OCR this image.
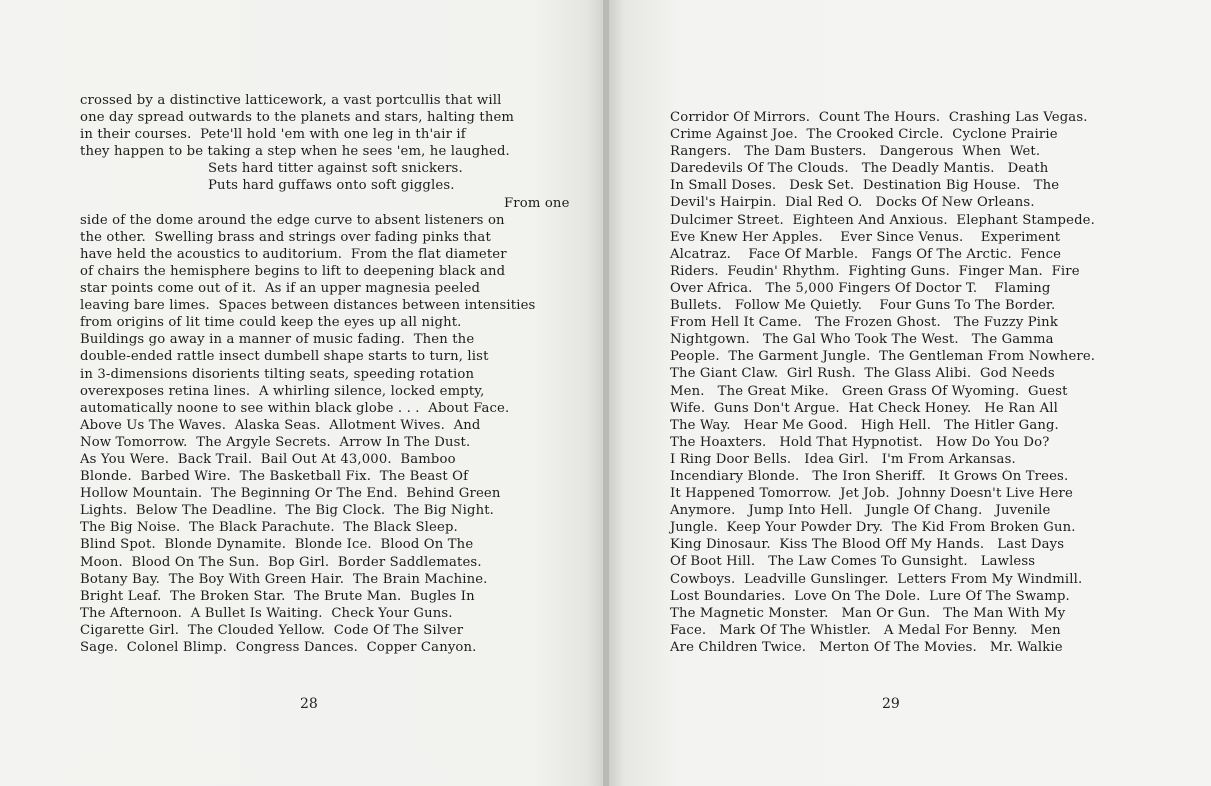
crossed by a distinctive latticework, a vast portcullis that will
one day spread outwards to the planets and stars, halting them
in their courses.  Pete'll hold 'em with one leg in th'air if
they happen to be taking a step when he sees 'em, he laughed.
Sets hard titter against soft snickers.
Puts hard guffaws onto soft giggles.
From one
side of the dome around the edge curve to absent listeners on
the other.  Swelling brass and strings over fading pinks that
have held the acoustics to auditorium.  From the flat diameter
of chairs the hemisphere begins to lift to deepening black and
star points come out of it.  As if an upper magnesia peeled
leaving bare limes.  Spaces between distances between intensities
from origins of lit time could keep the eyes up all night.
Buildings go away in a manner of music fading.  Then the
double-ended rattle insect dumbell shape starts to turn, list
in 3-dimensions disorients tilting seats, speeding rotation
overexposes retina lines.  A whirling silence, locked empty,
automatically noone to see within black globe . . .  About Face.
Above Us The Waves.  Alaska Seas.  Allotment Wives.  And
Now Tomorrow.  The Argyle Secrets.  Arrow In The Dust.
As You Were.  Back Trail.  Bail Out At 43,000.  Bamboo
Blonde.  Barbed Wire.  The Basketball Fix.  The Beast Of
Hollow Mountain.  The Beginning Or The End.  Behind Green
Lights.  Below The Deadline.  The Big Clock.  The Big Night.
The Big Noise.  The Black Parachute.  The Black Sleep.
Blind Spot.  Blonde Dynamite.  Blonde Ice.  Blood On The
Moon.  Blood On The Sun.  Bop Girl.  Border Saddlemates.
Botany Bay.  The Boy With Green Hair.  The Brain Machine.
Bright Leaf.  The Broken Star.  The Brute Man.  Bugles In
The Afternoon.  A Bullet Is Waiting.  Check Your Guns.
Cigarette Girl.  The Clouded Yellow.  Code Of The Silver
Sage.  Colonel Blimp.  Congress Dances.  Copper Canyon.
28
Corridor Of Mirrors.  Count The Hours.  Crashing Las Vegas.
Crime Against Joe.  The Crooked Circle.  Cyclone Prairie
Rangers.   The Dam Busters.   Dangerous  When  Wet.
Daredevils Of The Clouds.   The Deadly Mantis.   Death
In Small Doses.   Desk Set.  Destination Big House.   The
Devil's Hairpin.  Dial Red O.   Docks Of New Orleans.
Dulcimer Street.  Eighteen And Anxious.  Elephant Stampede.
Eve Knew Her Apples.    Ever Since Venus.    Experiment
Alcatraz.    Face Of Marble.   Fangs Of The Arctic.  Fence
Riders.  Feudin' Rhythm.  Fighting Guns.  Finger Man.  Fire
Over Africa.   The 5,000 Fingers Of Doctor T.    Flaming
Bullets.   Follow Me Quietly.    Four Guns To The Border.
From Hell It Came.   The Frozen Ghost.   The Fuzzy Pink
Nightgown.   The Gal Who Took The West.   The Gamma
People.  The Garment Jungle.  The Gentleman From Nowhere.
The Giant Claw.  Girl Rush.  The Glass Alibi.  God Needs
Men.   The Great Mike.   Green Grass Of Wyoming.  Guest
Wife.  Guns Don't Argue.  Hat Check Honey.   He Ran All
The Way.   Hear Me Good.   High Hell.   The Hitler Gang.
The Hoaxters.   Hold That Hypnotist.   How Do You Do?
I Ring Door Bells.   Idea Girl.   I'm From Arkansas.
Incendiary Blonde.   The Iron Sheriff.   It Grows On Trees.
It Happened Tomorrow.  Jet Job.  Johnny Doesn't Live Here
Anymore.   Jump Into Hell.   Jungle Of Chang.   Juvenile
Jungle.  Keep Your Powder Dry.  The Kid From Broken Gun.
King Dinosaur.  Kiss The Blood Off My Hands.   Last Days
Of Boot Hill.   The Law Comes To Gunsight.   Lawless
Cowboys.  Leadville Gunslinger.  Letters From My Windmill.
Lost Boundaries.  Love On The Dole.  Lure Of The Swamp.
The Magnetic Monster.   Man Or Gun.   The Man With My
Face.   Mark Of The Whistler.   A Medal For Benny.   Men
Are Children Twice.   Merton Of The Movies.   Mr. Walkie
29
